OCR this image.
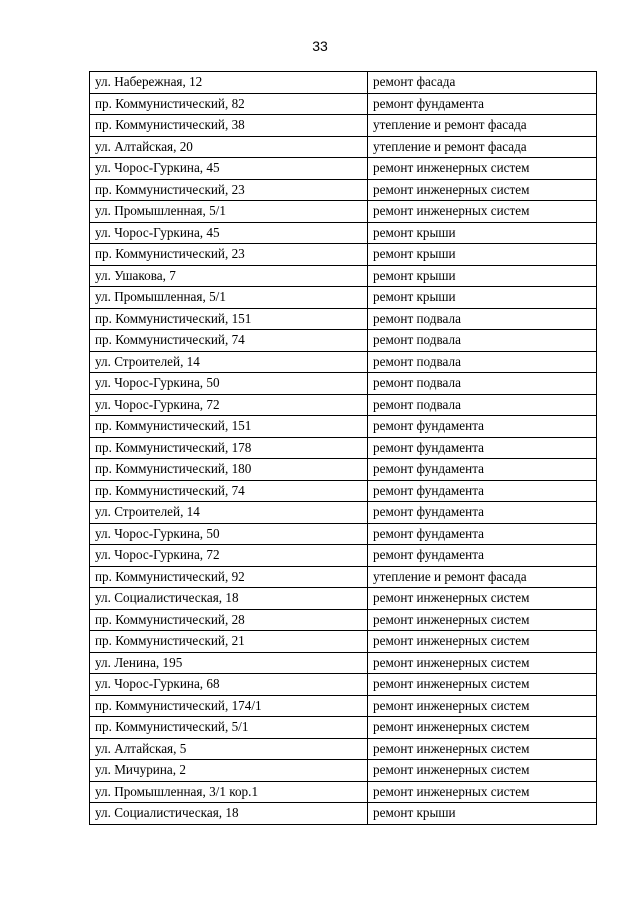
33
ул. Набережная, 12	ремонт фасада
пр. Коммунистический, 82	ремонт фундамента
пр. Коммунистический, 38	утепление и ремонт фасада
ул. Алтайская, 20	утепление и ремонт фасада
ул. Чорос-Гуркина, 45	ремонт инженерных систем
пр. Коммунистический, 23	ремонт инженерных систем
ул. Промышленная, 5/1	ремонт инженерных систем
ул. Чорос-Гуркина, 45	ремонт крыши
пр. Коммунистический, 23	ремонт крыши
ул. Ушакова, 7	ремонт крыши
ул. Промышленная, 5/1	ремонт крыши
пр. Коммунистический, 151	ремонт подвала
пр. Коммунистический, 74	ремонт подвала
ул. Строителей, 14	ремонт подвала
ул. Чорос-Гуркина, 50	ремонт подвала
ул. Чорос-Гуркина, 72	ремонт подвала
пр. Коммунистический, 151	ремонт фундамента
пр. Коммунистический, 178	ремонт фундамента
пр. Коммунистический, 180	ремонт фундамента
пр. Коммунистический, 74	ремонт фундамента
ул. Строителей, 14	ремонт фундамента
ул. Чорос-Гуркина, 50	ремонт фундамента
ул. Чорос-Гуркина, 72	ремонт фундамента
пр. Коммунистический, 92	утепление и ремонт фасада
ул. Социалистическая, 18	ремонт инженерных систем
пр. Коммунистический, 28	ремонт инженерных систем
пр. Коммунистический, 21	ремонт инженерных систем
ул. Ленина, 195	ремонт инженерных систем
ул. Чорос-Гуркина, 68	ремонт инженерных систем
пр. Коммунистический, 174/1	ремонт инженерных систем
пр. Коммунистический, 5/1	ремонт инженерных систем
ул. Алтайская, 5	ремонт инженерных систем
ул. Мичурина, 2	ремонт инженерных систем
ул. Промышленная, 3/1 кор.1	ремонт инженерных систем
ул. Социалистическая, 18	ремонт крыши
